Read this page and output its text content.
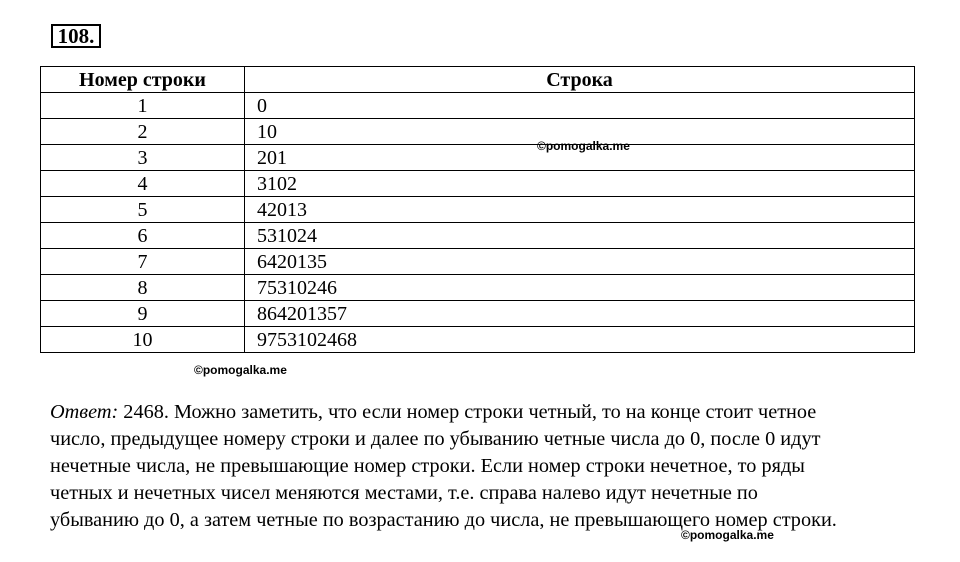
108.
Номер строки	Строка
1	0
2	10
3	201
4	3102
5	42013
6	531024
7	6420135
8	75310246
9	864201357
10	9753102468
©pomogalka.me
©pomogalka.me
©pomogalka.me
Ответ: 2468. Можно заметить, что если номер строки четный, то на конце стоит четное
число, предыдущее номеру строки и далее по убыванию четные числа до 0, после 0 идут
нечетные числа, не превышающие номер строки. Если номер строки нечетное, то ряды
четных и нечетных чисел меняются местами, т.е. справа налево идут нечетные по
убыванию до 0, а затем четные по возрастанию до числа, не превышающего номер строки.
